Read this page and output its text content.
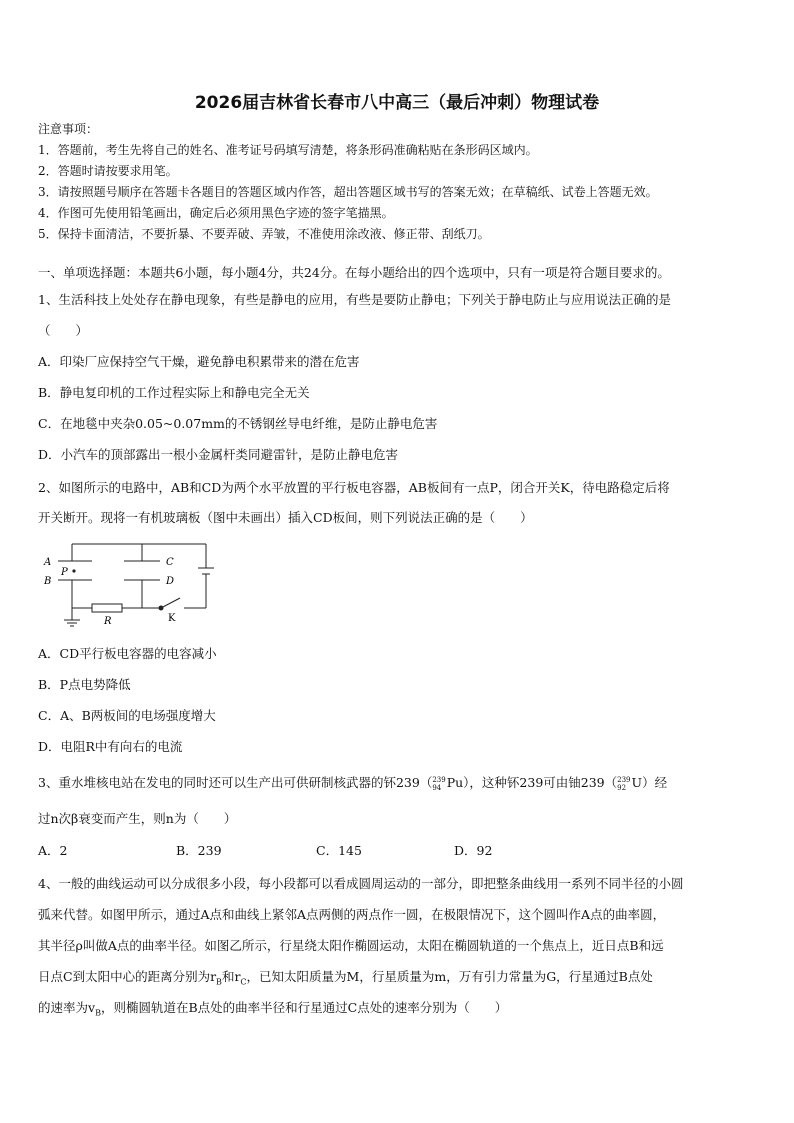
2026届吉林省长春市八中高三（最后冲刺）物理试卷
注意事项：
1．答题前，考生先将自己的姓名、准考证号码填写清楚，将条形码准确粘贴在条形码区域内。
2．答题时请按要求用笔。
3．请按照题号顺序在答题卡各题目的答题区域内作答，超出答题区域书写的答案无效；在草稿纸、试卷上答题无效。
4．作图可先使用铅笔画出，确定后必须用黑色字迹的签字笔描黑。
5．保持卡面清洁，不要折暴、不要弄破、弄皱，不准使用涂改液、修正带、刮纸刀。
一、单项选择题：本题共6小题，每小题4分，共24分。在每小题给出的四个选项中，只有一项是符合题目要求的。
1、生活科技上处处存在静电现象，有些是静电的应用，有些是要防止静电；下列关于静电防止与应用说法正确的是
（　　）
A．印染厂应保持空气干燥，避免静电积累带来的潜在危害
B．静电复印机的工作过程实际上和静电完全无关
C．在地毯中夹杂0.05~0.07mm的不锈钢丝导电纤维，是防止静电危害
D．小汽车的顶部露出一根小金属杆类同避雷针，是防止静电危害
2、如图所示的电路中，AB和CD为两个水平放置的平行板电容器，AB板间有一点P，闭合开关K，待电路稳定后将
开关断开。现将一有机玻璃板（图中未画出）插入CD板间，则下列说法正确的是（　　）
A
B
P
C
D
R	K
A．CD平行板电容器的电容减小
B．P点电势降低
C．A、B两板间的电场强度增大
D．电阻R中有向右的电流
3、重水堆核电站在发电的同时还可以生产出可供研制核武器的钚239（ 239
94 Pu），这种钚239可由铀239（ 239
92 U）经
过n次β衰变而产生，则n为（　　）
A．2	B．239	C．145	D．92
4、一般的曲线运动可以分成很多小段，每小段都可以看成圆周运动的一部分，即把整条曲线用一系列不同半径的小圆
弧来代替。如图甲所示，通过A点和曲线上紧邻A点两侧的两点作一圆，在极限情况下，这个圆叫作A点的曲率圆，
其半径ρ叫做A点的曲率半径。如图乙所示，行星绕太阳作椭圆运动，太阳在椭圆轨道的一个焦点上，近日点B和远
日点C到太阳中心的距离分别为$r_B$和$r_C$，已知太阳质量为M，行星质量为m，万有引力常量为G，行星通过B点处
的速率为$v_B$，则椭圆轨道在B点处的曲率半径和行星通过C点处的速率分别为（　　）
